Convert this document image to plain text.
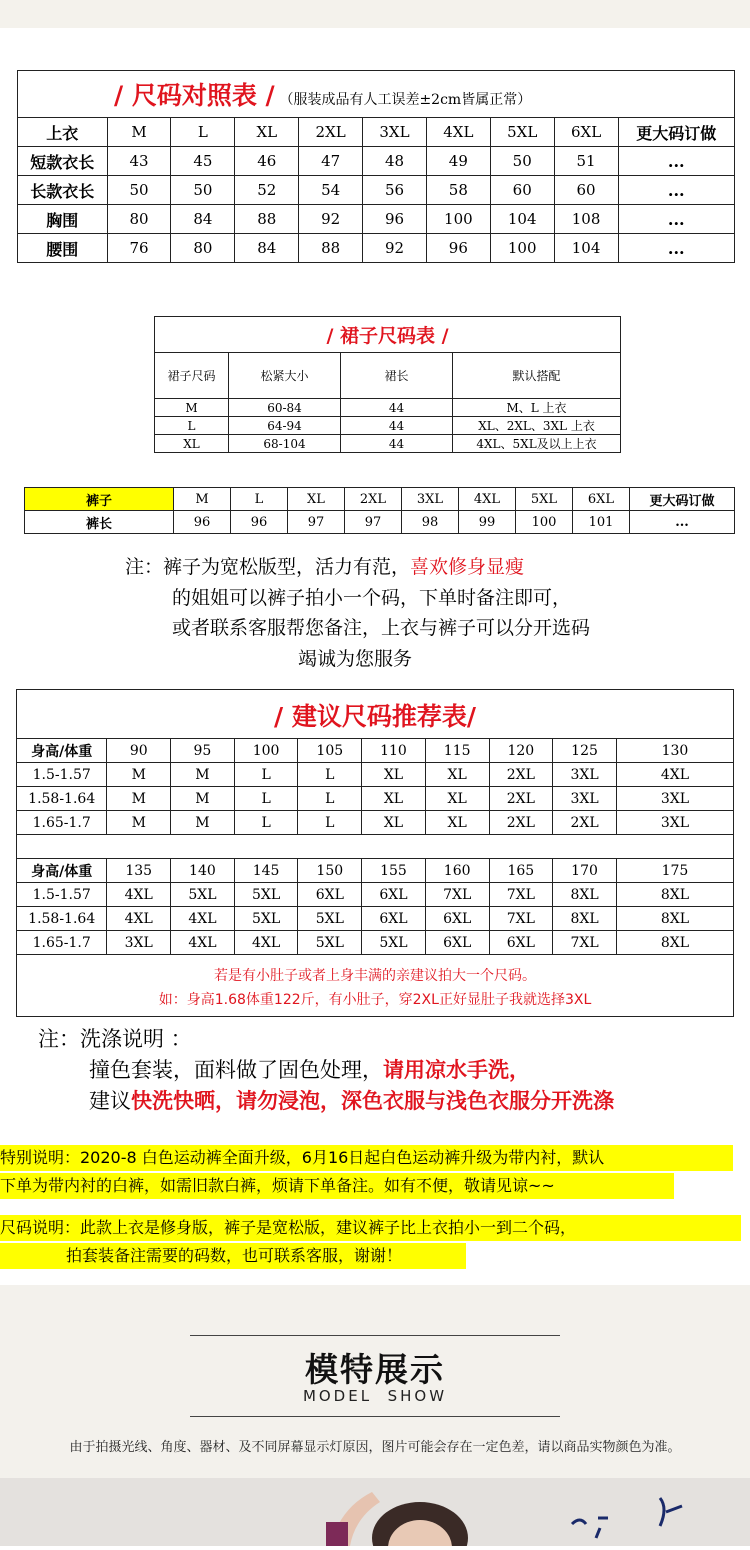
/ 尺码对照表 / （服装成品有人工误差±2cm皆属正常）									
上衣	M	L	XL	2XL	3XL	4XL	5XL	6XL	更大码订做
短款衣长	43	45	46	47	48	49	50	51	...
长款衣长	50	50	52	54	56	58	60	60	...
胸围	80	84	88	92	96	100	104	108	...
腰围	76	80	84	88	92	96	100	104	...
/ 裙子尺码表 /			
裙子尺码	松紧大小	裙长	默认搭配
M	60-84	44	M、L 上衣
L	64-94	44	XL、2XL、3XL 上衣
XL	68-104	44	4XL、5XL及以上上衣
裤子	M	L	XL	2XL	3XL	4XL	5XL	6XL	更大码订做
裤长	96	96	97	97	98	99	100	101	...
注：裤子为宽松版型，活力有范，喜欢修身显瘦
的姐姐可以裤子拍小一个码，下单时备注即可，
或者联系客服帮您备注，上衣与裤子可以分开选码
竭诚为您服务
/ 建议尺码推荐表/
身高/体重	90	95	100	105	110	115	120	125	130
1.5-1.57	M	M	L	L	XL	XL	2XL	3XL	4XL
1.58-1.64	M	M	L	L	XL	XL	2XL	3XL	3XL
1.65-1.7	M	M	L	L	XL	XL	2XL	2XL	3XL
身高/体重	135	140	145	150	155	160	165	170	175
1.5-1.57	4XL	5XL	5XL	6XL	6XL	7XL	7XL	8XL	8XL
1.58-1.64	4XL	4XL	5XL	5XL	6XL	6XL	7XL	8XL	8XL
1.65-1.7	3XL	4XL	4XL	5XL	5XL	6XL	6XL	7XL	8XL
若是有小肚子或者上身丰满的亲建议拍大一个尺码。
如：身高1.68体重122斤，有小肚子，穿2XL正好显肚子我就选择3XL
注：洗涤说明 ：
撞色套装，面料做了固色处理，请用凉水手洗，
建议快洗快晒，请勿浸泡，深色衣服与浅色衣服分开洗涤
特别说明：2020-8 白色运动裤全面升级，6月16日起白色运动裤升级为带内衬，默认
下单为带内衬的白裤，如需旧款白裤，烦请下单备注。如有不便，敬请见谅~~
尺码说明：此款上衣是修身版，裤子是宽松版，建议裤子比上衣拍小一到二个码，
拍套装备注需要的码数，也可联系客服，谢谢！
模特展示
MODEL  SHOW
由于拍摄光线、角度、器材、及不同屏幕显示灯原因，图片可能会存在一定色差，请以商品实物颜色为准。
